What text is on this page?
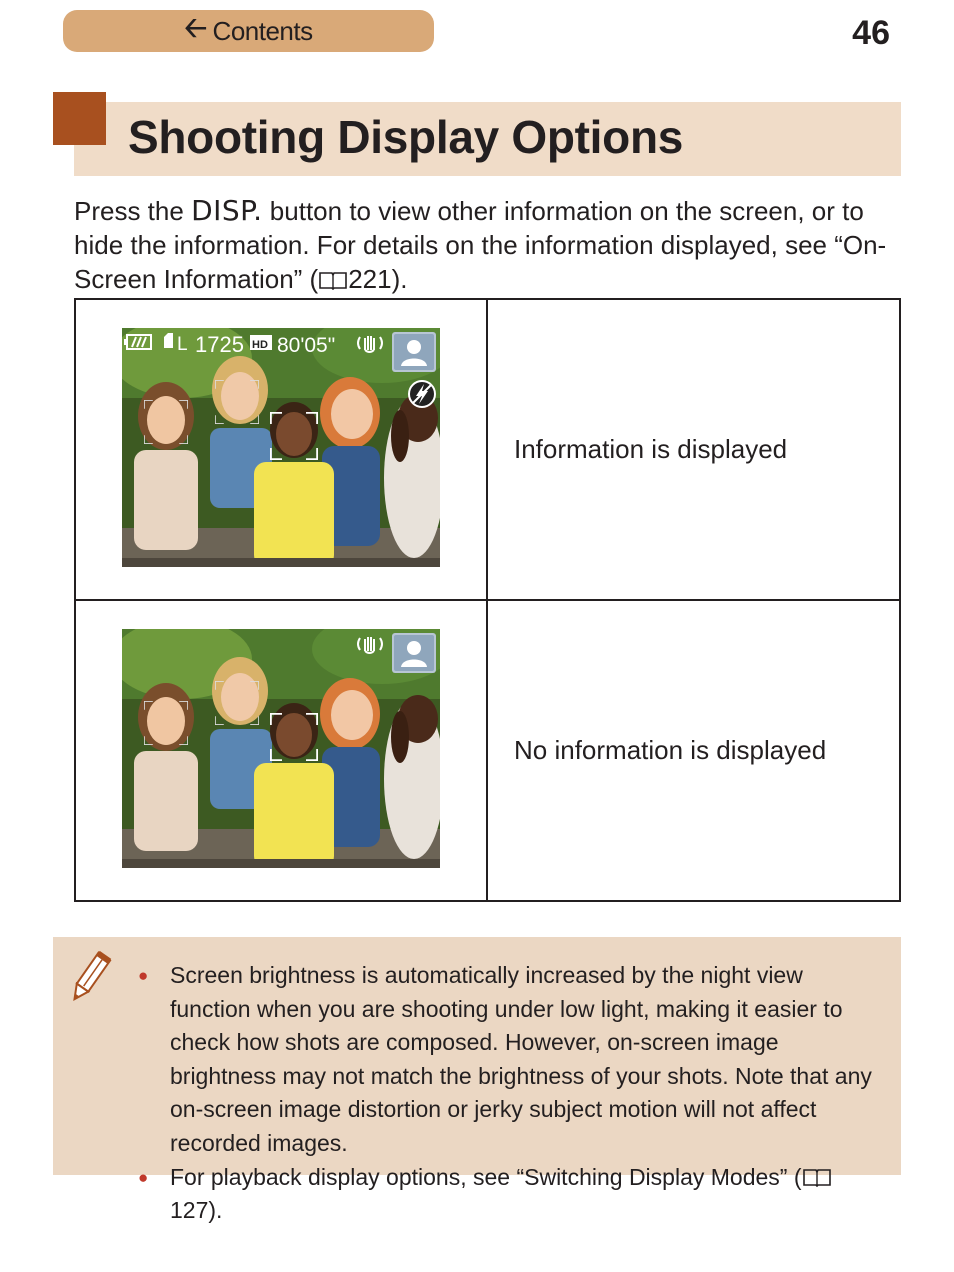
🡠 Contents	46
Shooting Display Options
Press the DISP. button to view other information on the screen, or to hide the information. For details on the information displayed, see “On-Screen Information” ( 221).
L 1725 HD 80'05"	Information is displayed
	No information is displayed
● Screen brightness is automatically increased by the night view function when you are shooting under low light, making it easier to check how shots are composed. However, on-screen image brightness may not match the brightness of your shots. Note that any on-screen image distortion or jerky subject motion will not affect recorded images.
● For playback display options, see “Switching Display Modes” (127).
